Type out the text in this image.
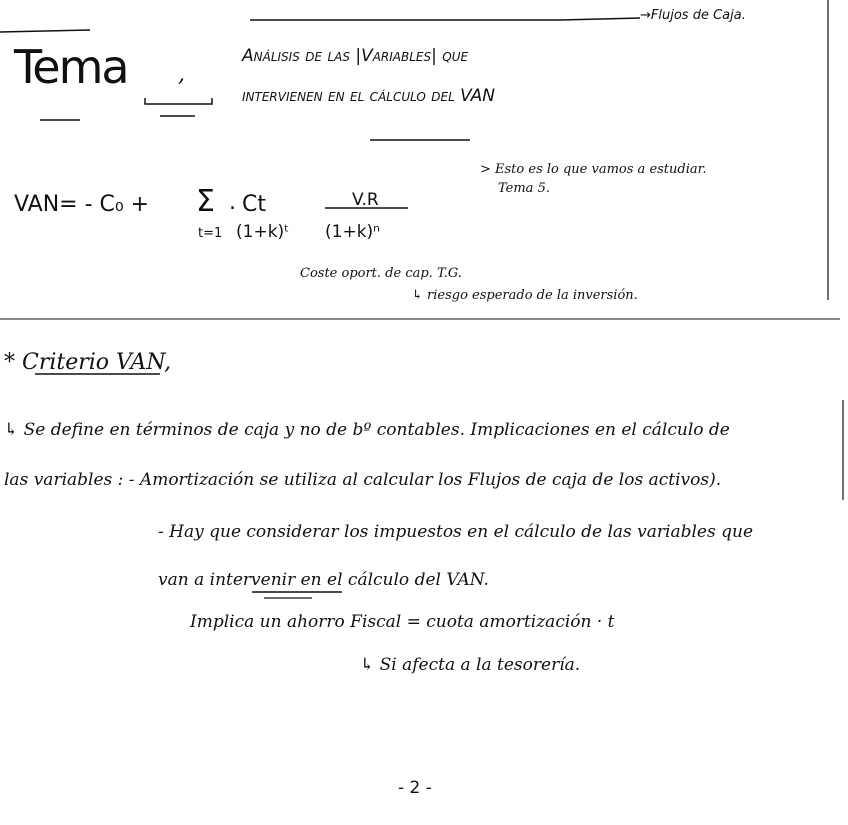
→Flujos de Caja.
Tema ,
Análisis de las |Variables| que
intervienen en el cálculo del VAN
> Esto es lo que vamos a estudiar.
Tema 5.
VAN= - C₀ + Σ
t=1
. Ct
(1+k)ᵗ
V.R
(1+k)ⁿ
Coste oport. de cap. T.G.
↳ riesgo esperado de la inversión.
* Criterio VAN,
↳ Se define en términos de caja y no de bº contables. Implicaciones en el cálculo de
las variables : - Amortización se utiliza al calcular los Flujos de caja de los activos).
- Hay que considerar los impuestos en el cálculo de las variables que
van a intervenir en el cálculo del VAN.
Implica un ahorro Fiscal = cuota amortización · t
↳ Si afecta a la tesorería.
- 2 -
